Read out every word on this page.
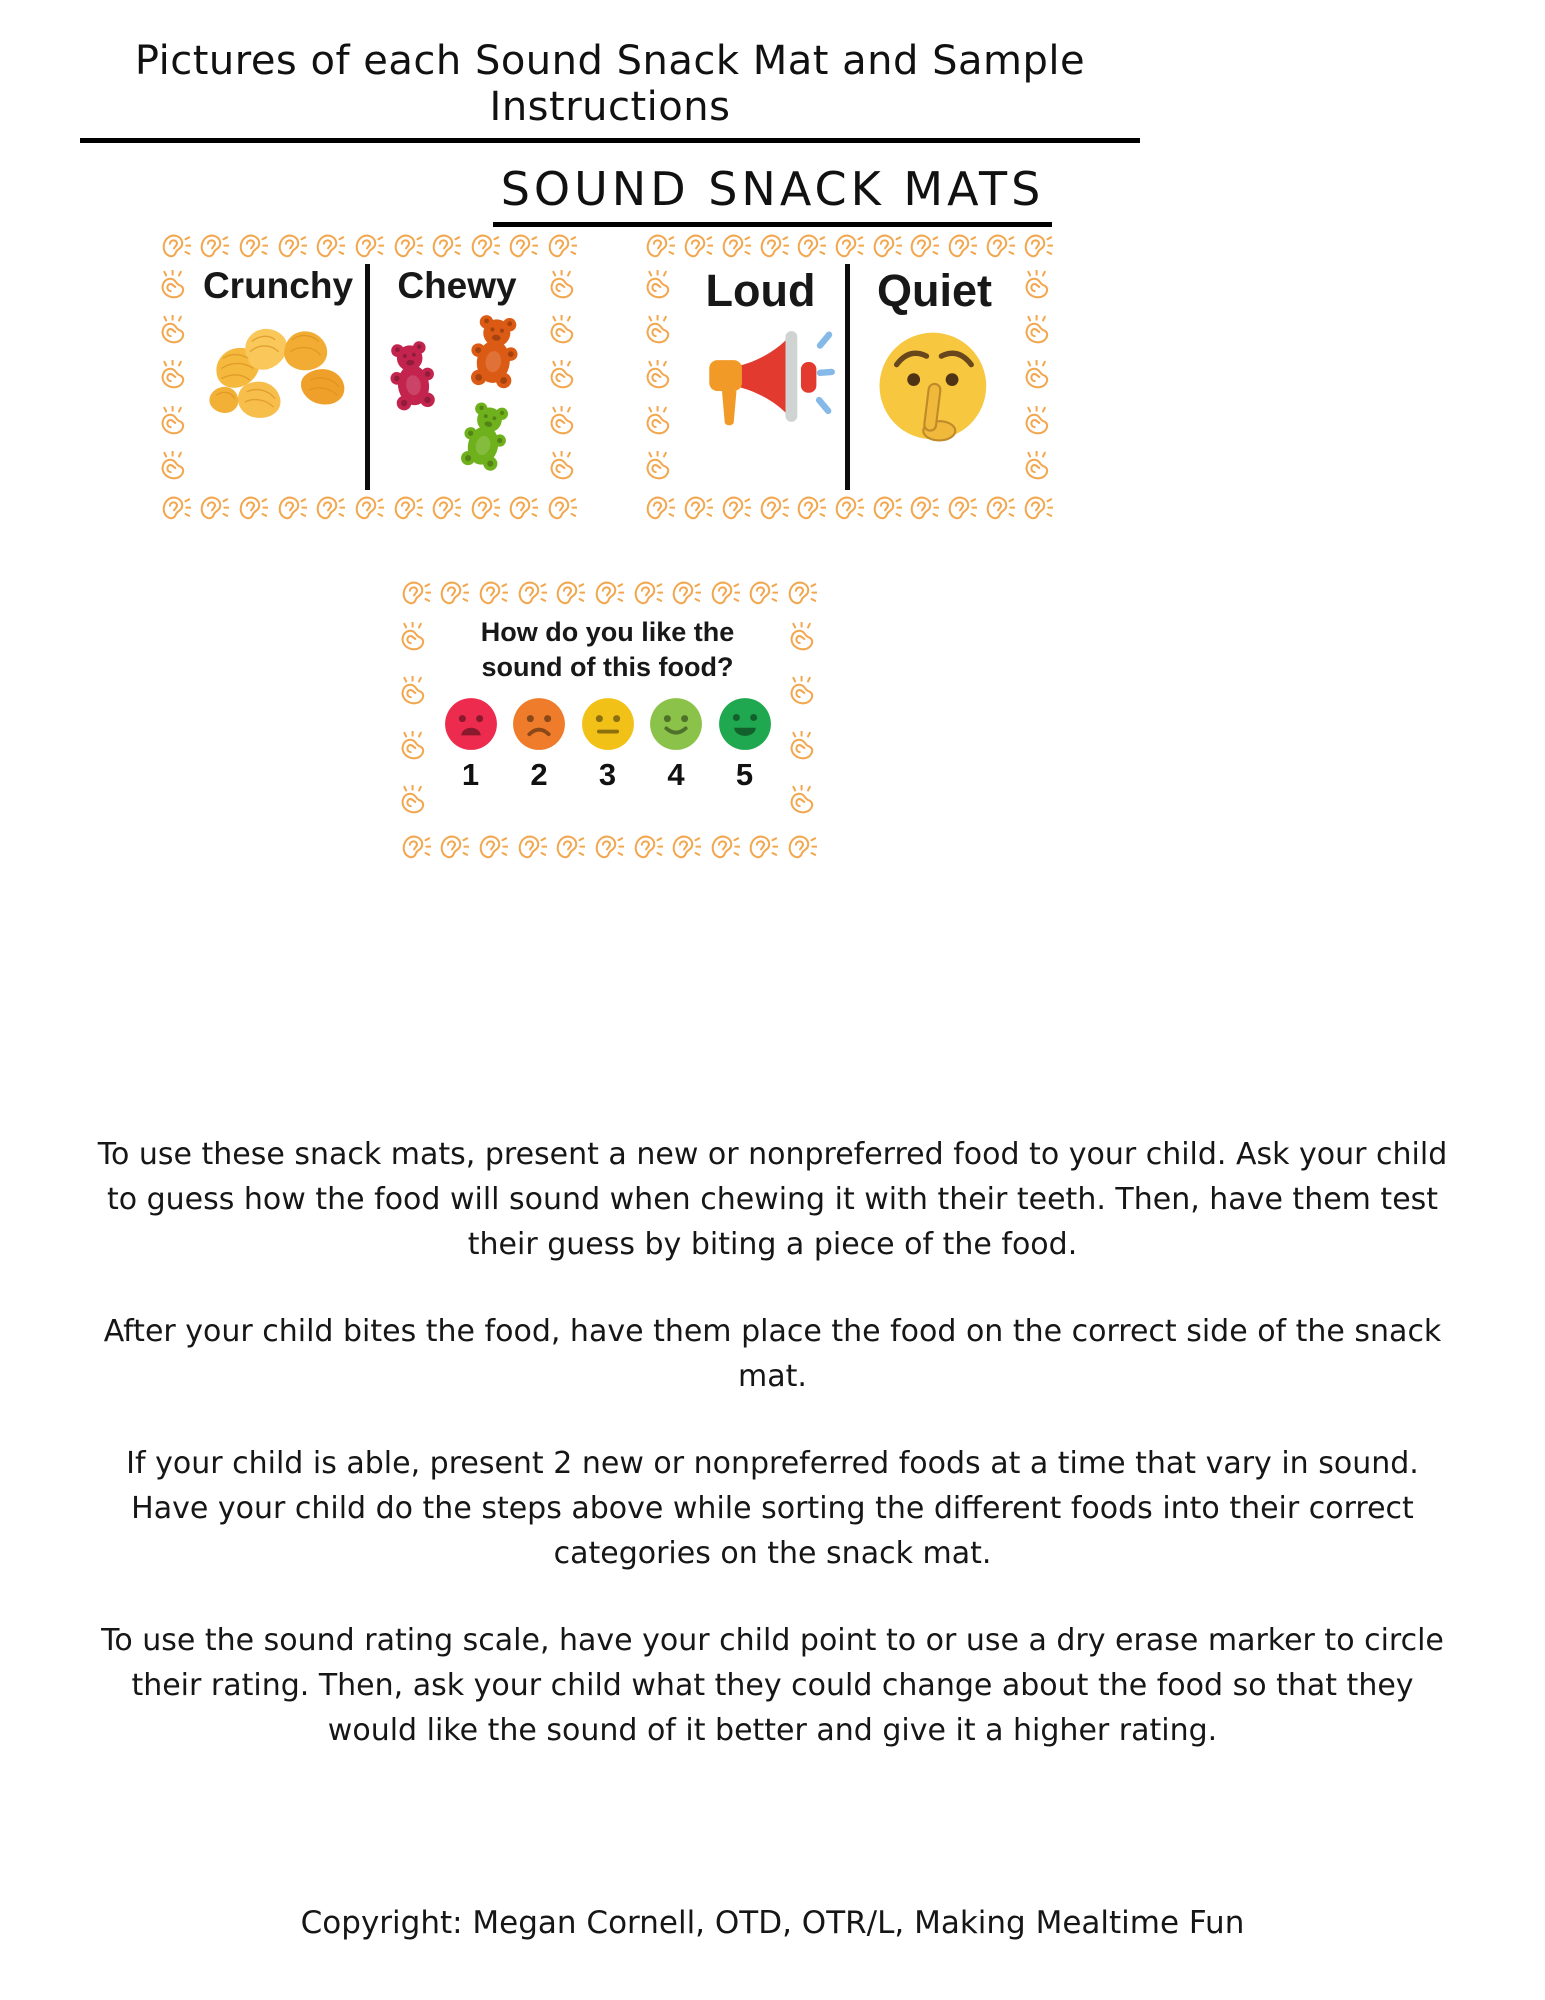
Pictures of each Sound Snack Mat and Sample Instructions
SOUND SNACK MATS
Crunchy Chewy	Loud Quiet
How do you like the
sound of this food?
1 2 3 4 5

To use these snack mats, present a new or nonpreferred food to your child. Ask your child to guess how the food will sound when chewing it with their teeth. Then, have them test their guess by biting a piece of the food.

After your child bites the food, have them place the food on the correct side of the snack mat.

If your child is able, present 2 new or nonpreferred foods at a time that vary in sound. Have your child do the steps above while sorting the different foods into their correct categories on the snack mat.

To use the sound rating scale, have your child point to or use a dry erase marker to circle their rating. Then, ask your child what they could change about the food so that they would like the sound of it better and give it a higher rating.

Copyright: Megan Cornell, OTD, OTR/L, Making Mealtime Fun
